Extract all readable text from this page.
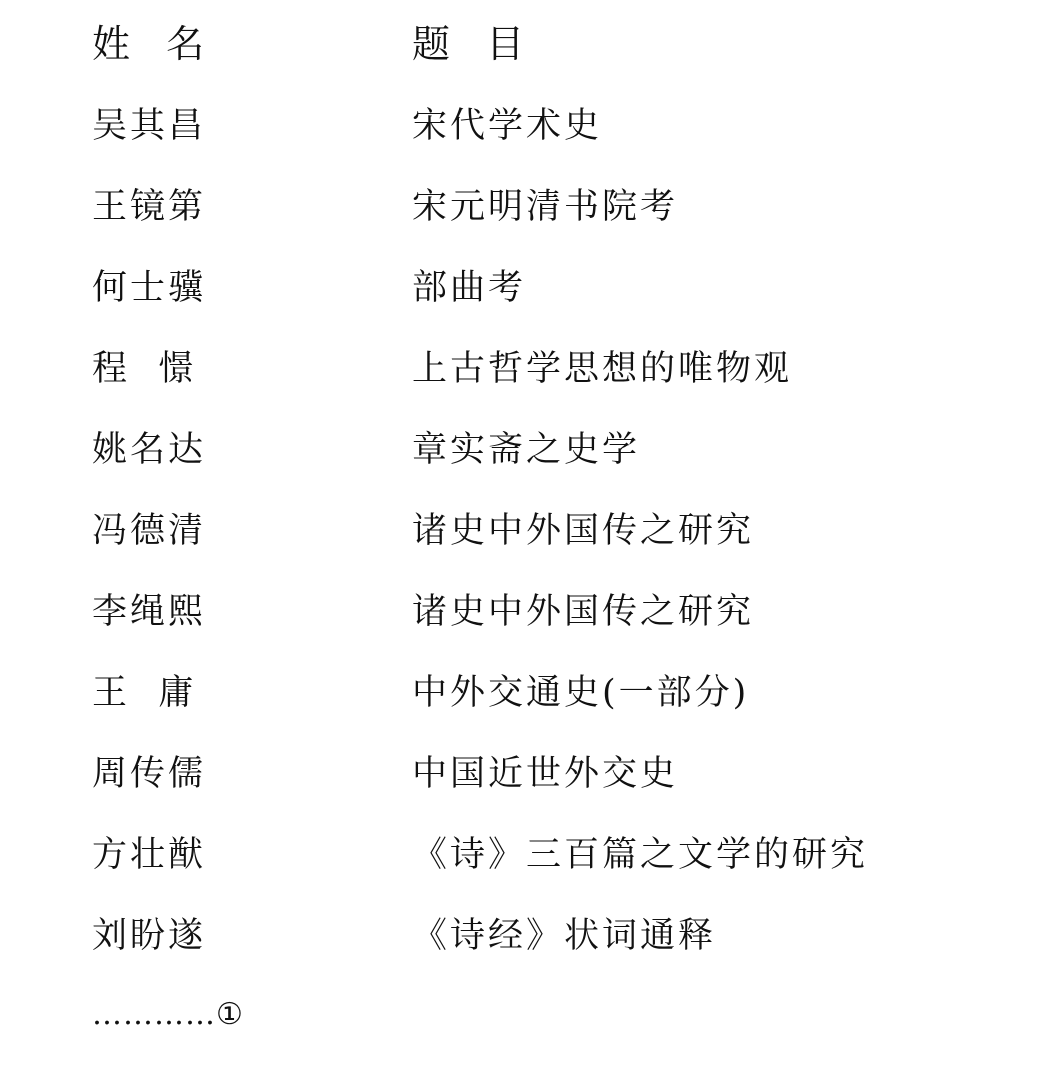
姓  名	题  目
吴其昌	宋代学术史
王镜第	宋元明清书院考
何士骥	部曲考
程  憬	上古哲学思想的唯物观
姚名达	章实斋之史学
冯德清	诸史中外国传之研究
李绳熙	诸史中外国传之研究
王  庸	中外交通史(一部分)
周传儒	中国近世外交史
方壮猷	《诗》三百篇之文学的研究
刘盼遂	《诗经》状词通释
…………①
